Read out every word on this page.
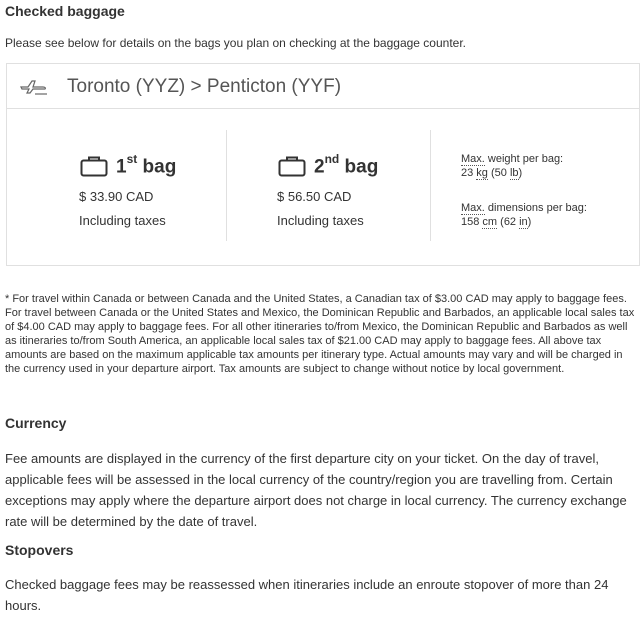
Checked baggage
Please see below for details on the bags you plan on checking at the baggage counter.
Toronto (YYZ) > Penticton (YYF)
1st bag
$ 33.90 CAD
Including taxes
2nd bag
$ 56.50 CAD
Including taxes
Max. weight per bag:
23 kg (50 lb)
Max. dimensions per bag:
158 cm (62 in)
* For travel within Canada or between Canada and the United States, a Canadian tax of $3.00 CAD may apply to baggage fees. For travel between Canada or the United States and Mexico, the Dominican Republic and Barbados, an applicable local sales tax of $4.00 CAD may apply to baggage fees. For all other itineraries to/from Mexico, the Dominican Republic and Barbados as well as itineraries to/from South America, an applicable local sales tax of $21.00 CAD may apply to baggage fees. All above tax amounts are based on the maximum applicable tax amounts per itinerary type. Actual amounts may vary and will be charged in the currency used in your departure airport. Tax amounts are subject to change without notice by local government.
Currency
Fee amounts are displayed in the currency of the first departure city on your ticket. On the day of travel, applicable fees will be assessed in the local currency of the country/region you are travelling from. Certain exceptions may apply where the departure airport does not charge in local currency. The currency exchange rate will be determined by the date of travel.
Stopovers
Checked baggage fees may be reassessed when itineraries include an enroute stopover of more than 24 hours.
